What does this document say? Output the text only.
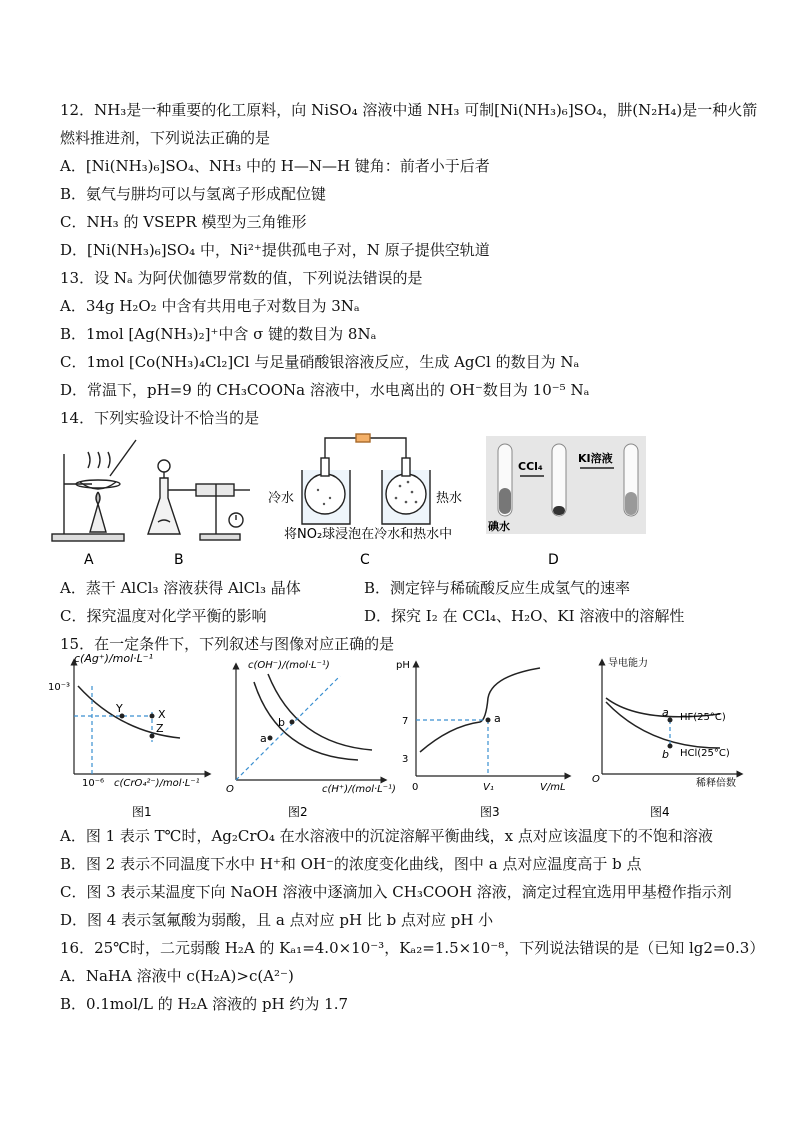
12．NH₃是一种重要的化工原料，向 NiSO₄ 溶液中通 NH₃ 可制[Ni(NH₃)₆]SO₄，肼(N₂H₄)是一种火箭
燃料推进剂，下列说法正确的是
A．[Ni(NH₃)₆]SO₄、NH₃ 中的 H—N—H 键角：前者小于后者
B．氨气与肼均可以与氢离子形成配位键
C．NH₃ 的 VSEPR 模型为三角锥形
D．[Ni(NH₃)₆]SO₄ 中，Ni²⁺提供孤电子对，N 原子提供空轨道
13．设 Nₐ 为阿伏伽德罗常数的值，下列说法错误的是
A．34g H₂O₂ 中含有共用电子对数目为 3Nₐ
B．1mol [Ag(NH₃)₂]⁺中含 σ 键的数目为 8Nₐ
C．1mol [Co(NH₃)₄Cl₂]Cl 与足量硝酸银溶液反应，生成 AgCl 的数目为 Nₐ
D．常温下，pH=9 的 CH₃COONa 溶液中，水电离出的 OH⁻数目为 10⁻⁵ Nₐ
14．下列实验设计不恰当的是
冷水	热水
将NO₂球浸泡在冷水和热水中
CCl₄
KI溶液
碘水
A	B	C	D
A．蒸干 AlCl₃ 溶液获得 AlCl₃ 晶体	B．测定锌与稀硫酸反应生成氢气的速率
C．探究温度对化学平衡的影响	D．探究 I₂ 在 CCl₄、H₂O、KI 溶液中的溶解性
15．在一定条件下，下列叙述与图像对应正确的是
c(Ag⁺)/mol·L⁻¹
10⁻³
10⁻⁶ c(CrO₄²⁻)/mol·L⁻¹
Y	X
Z
图1
c(OH⁻)/(mol·L⁻¹)
c(H⁺)/(mol·L⁻¹)
O
a
b
图2
pH
7
3
0	V₁	V/mL
a
图3
导电能力
稀释倍数
O
HF(25°C)
HCl(25°C)
a
b
图4
A．图 1 表示 T℃时，Ag₂CrO₄ 在水溶液中的沉淀溶解平衡曲线，x 点对应该温度下的不饱和溶液
B．图 2 表示不同温度下水中 H⁺和 OH⁻的浓度变化曲线，图中 a 点对应温度高于 b 点
C．图 3 表示某温度下向 NaOH 溶液中逐滴加入 CH₃COOH 溶液，滴定过程宜选用甲基橙作指示剂
D．图 4 表示氢氟酸为弱酸，且 a 点对应 pH 比 b 点对应 pH 小
16．25℃时，二元弱酸 H₂A 的 Kₐ₁=4.0×10⁻³，Kₐ₂=1.5×10⁻⁸，下列说法错误的是（已知 lg2=0.3）
A．NaHA 溶液中 c(H₂A)>c(A²⁻)
B．0.1mol/L 的 H₂A 溶液的 pH 约为 1.7
